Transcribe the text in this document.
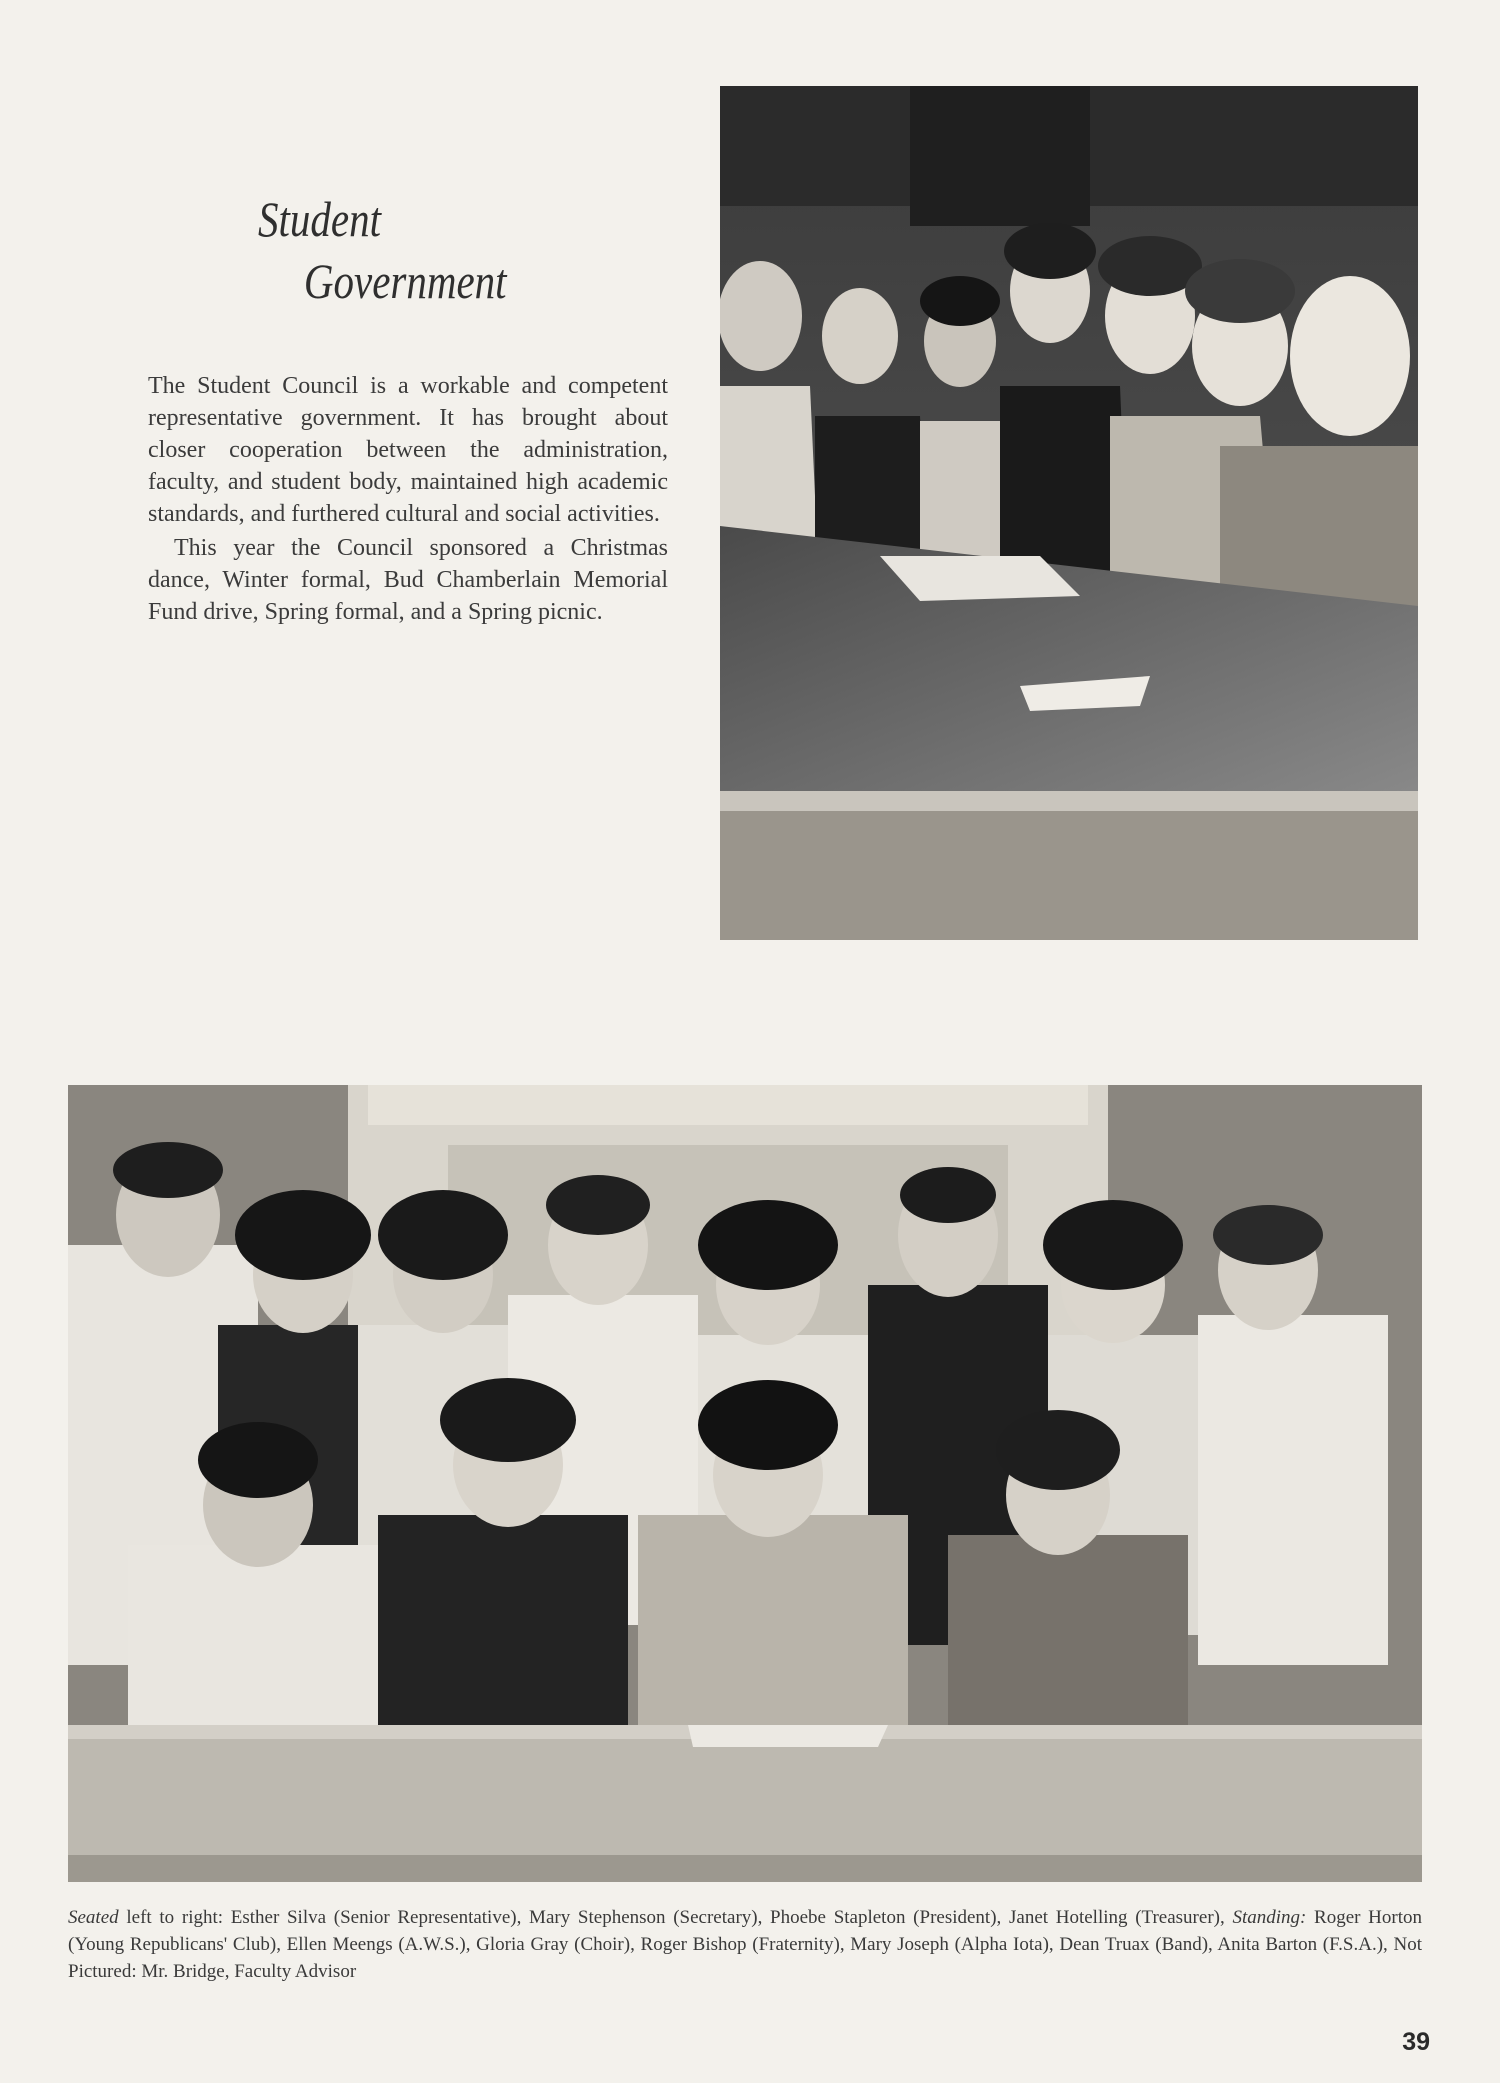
Student
Government

The Student Council is a workable and competent representative government. It has brought about closer cooperation between the administration, faculty, and student body, maintained high academic standards, and furthered cultural and social activities.

This year the Council sponsored a Christmas dance, Winter formal, Bud Chamberlain Memorial Fund drive, Spring formal, and a Spring picnic.

Seated left to right: Esther Silva (Senior Representative), Mary Stephenson (Secretary), Phoebe Stapleton (President), Janet Hotelling (Treasurer), Standing: Roger Horton (Young Republicans' Club), Ellen Meengs (A.W.S.), Gloria Gray (Choir), Roger Bishop (Fraternity), Mary Joseph (Alpha Iota), Dean Truax (Band), Anita Barton (F.S.A.), Not Pictured: Mr. Bridge, Faculty Advisor
39
